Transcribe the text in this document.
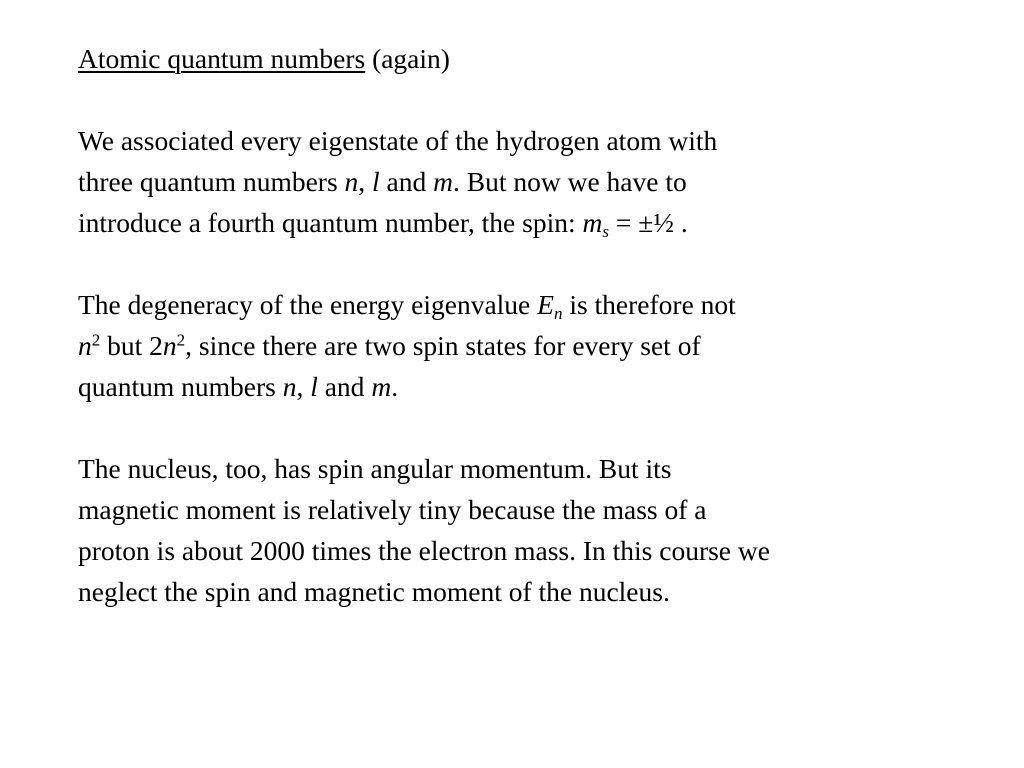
Atomic quantum numbers (again)
We associated every eigenstate of the hydrogen atom with
three quantum numbers n, l and m. But now we have to
introduce a fourth quantum number, the spin: $m_s$ = ±½ .
The degeneracy of the energy eigenvalue $E_n$ is therefore not
$n^2$ but $2n^2$, since there are two spin states for every set of
quantum numbers n, l and m.
The nucleus, too, has spin angular momentum. But its
magnetic moment is relatively tiny because the mass of a
proton is about 2000 times the electron mass. In this course we
neglect the spin and magnetic moment of the nucleus.
